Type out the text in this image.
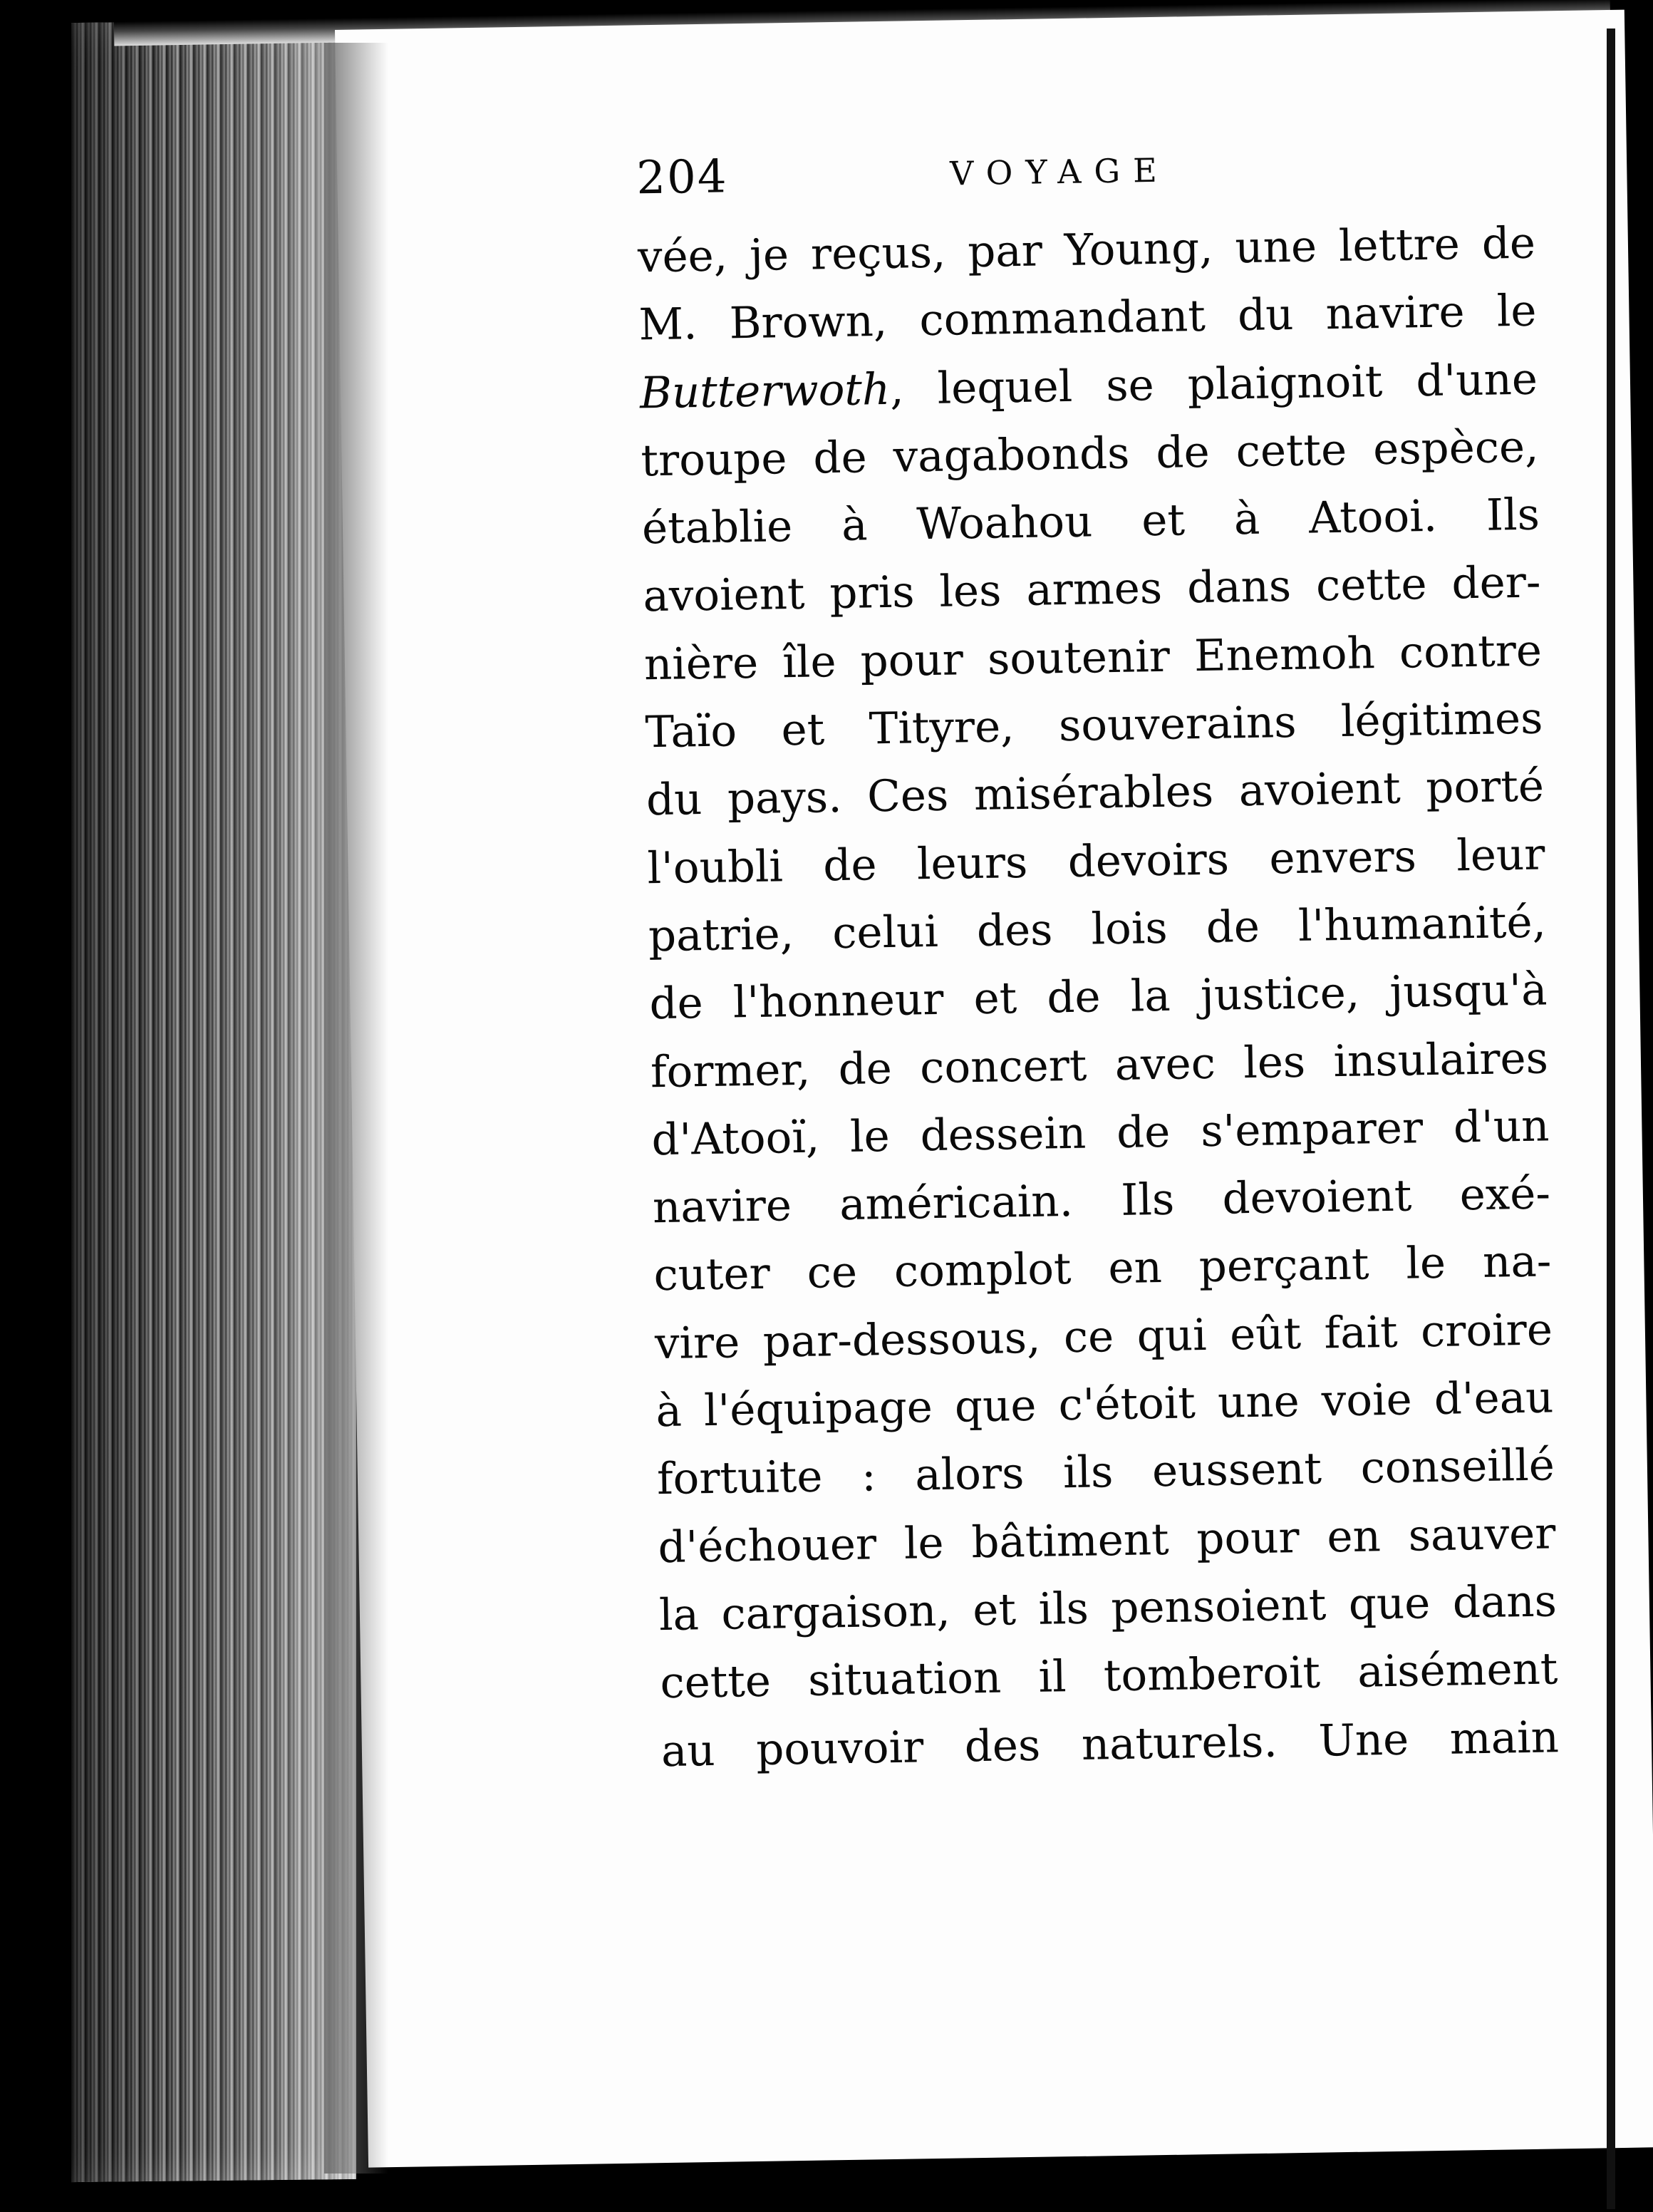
204	VOYAGE
vée, je reçus, par Young, une lettre de
M. Brown, commandant du navire le
Butterwoth, lequel se plaignoit d'une
troupe de vagabonds de cette espèce,
établie à Woahou et à Atooi. Ils
avoient pris les armes dans cette der-
nière île pour soutenir Enemoh contre
Taïo et Tityre, souverains légitimes
du pays. Ces misérables avoient porté
l'oubli de leurs devoirs envers leur
patrie, celui des lois de l'humanité,
de l'honneur et de la justice, jusqu'à
former, de concert avec les insulaires
d'Atooï, le dessein de s'emparer d'un
navire américain. Ils devoient exé-
cuter ce complot en perçant le na-
vire par-dessous, ce qui eût fait croire
à l'équipage que c'étoit une voie d'eau
fortuite : alors ils eussent conseillé
d'échouer le bâtiment pour en sauver
la cargaison, et ils pensoient que dans
cette situation il tomberoit aisément
au pouvoir des naturels. Une main
